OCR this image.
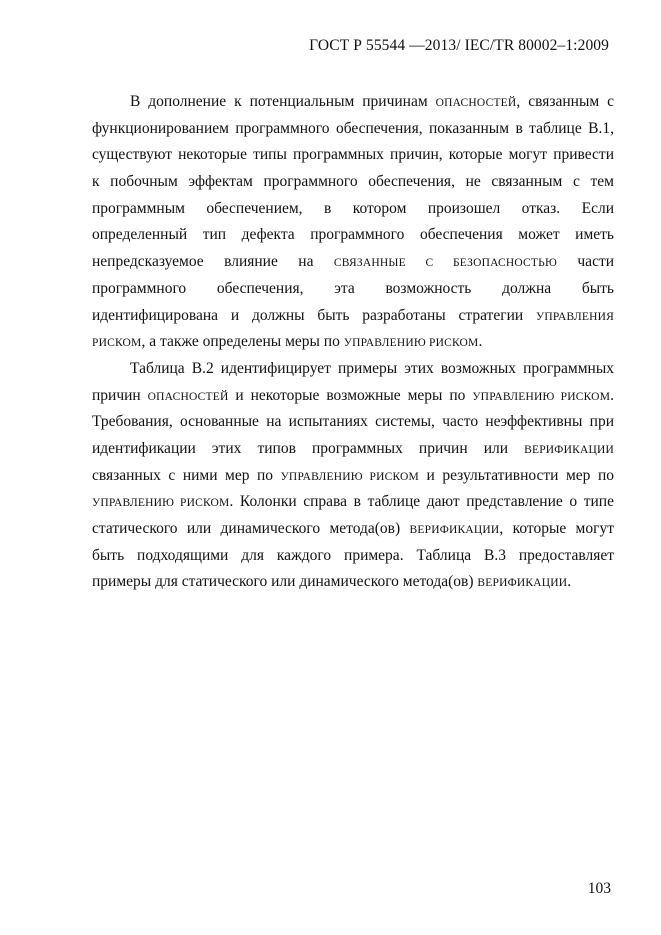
ГОСТ Р 55544 —2013/ IEC/TR 80002–1:2009

В дополнение к потенциальным причинам ОПАСНОСТЕЙ, связанным с
функционированием программного обеспечения, показанным в таблице В.1,
существуют некоторые типы программных причин, которые могут привести
к побочным эффектам программного обеспечения, не связанным с тем
программным обеспечением, в котором произошел отказ. Если
определенный тип дефекта программного обеспечения может иметь
непредсказуемое влияние на СВЯЗАННЫЕ С БЕЗОПАСНОСТЬЮ части
программного обеспечения, эта возможность должна быть
идентифицирована и должны быть разработаны стратегии УПРАВЛЕНИЯ
РИСКОМ, а также определены меры по УПРАВЛЕНИЮ РИСКОМ.

Таблица В.2 идентифицирует примеры этих возможных программных
причин ОПАСНОСТЕЙ и некоторые возможные меры по УПРАВЛЕНИЮ РИСКОМ.
Требования, основанные на испытаниях системы, часто неэффективны при
идентификации этих типов программных причин или ВЕРИФИКАЦИИ
связанных с ними мер по УПРАВЛЕНИЮ РИСКОМ и результативности мер по
УПРАВЛЕНИЮ РИСКОМ. Колонки справа в таблице дают представление о типе
статического или динамического метода(ов) ВЕРИФИКАЦИИ, которые могут
быть подходящими для каждого примера. Таблица В.3 предоставляет
примеры для статического или динамического метода(ов) ВЕРИФИКАЦИИ.

103
